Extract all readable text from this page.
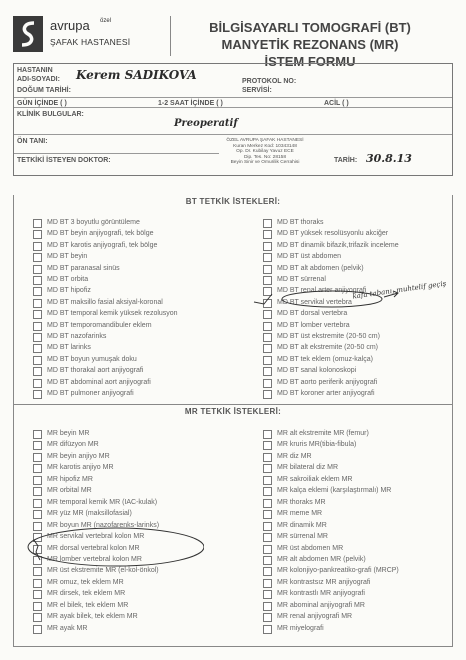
avrupa özel
ŞAFAK HASTANESİ
BİLGİSAYARLI TOMOGRAFİ (BT)
MANYETİK REZONANS (MR)
İSTEM FORMU
HASTANIN
ADI-SOYADI: Kerem SADIKOVA	PROTOKOL NO:
DOĞUM TARİHİ:	SERVİSİ:
GÜN İÇİNDE ( )	1-2 SAAT İÇİNDE ( )	ACİL ( )
KLİNİK BULGULAR:
Preoperatif
ÖN TANI:
TETKİKİ İSTEYEN DOKTOR:
ÖZEL AVRUPA ŞAFAK HASTANESİ
Kuran Merkez Kod: 10343148
Op. Dr. Kubilay Yavuz ECE
Dip. Tes. No: 28158
Beyin Sinir ve Omurilik Cerrahisi	TARİH: 30.8.13
BT TETKİK İSTEKLERİ:
MD BT 3 boyutlu görüntüleme
MD BT beyin anjiyografi, tek bölge
MD BT karotis anjiyografi, tek bölge
MD BT beyin
MD BT paranasal sinüs
MD BT orbita
MD BT hipofiz
MD BT maksillo fasial aksiyal-koronal
MD BT temporal kemik yüksek rezolusyon
MD BT temporomandibuler eklem
MD BT nazofarinks
MD BT larinks
MD BT boyun yumuşak doku
MD BT thorakal aort anjiyografi
MD BT abdominal aort anjiyografi
MD BT pulmoner anjiyografi
MD BT thoraks
MD BT yüksek resolüsyonlu akciğer
MD BT dinamik bifazik,trifazik inceleme
MD BT üst abdomen
MD BT alt abdomen (pelvik)
MD BT sürrenal
MD BT renal arter anjiyografi
MD BT servikal vertebra
MD BT dorsal vertebra
MD BT lomber vertebra
MD BT üst ekstremite (20-50 cm)
MD BT alt ekstremite (20-50 cm)
MD BT tek eklem (omuz-kalça)
MD BT sanal kolonoskopi
MD BT aorto periferik anjiyografi
MD BT koroner arter anjiyografi
kafa tabanı, muhtelif geçiş
MR TETKİK İSTEKLERİ:
MR beyin MR
MR difüzyon MR
MR beyin anjiyo MR
MR karotis anjiyo MR
MR hipofiz MR
MR orbital MR
MR temporal kemik MR (IAC-kulak)
MR yüz MR (maksillofasial)
MR boyun MR (nazofarenks-larinks)
MR servikal vertebral kolon MR
MR dorsal vertebral kolon MR
MR lomber vertebral kolon MR
MR üst ekstremite MR (el-kol-önkol)
MR omuz, tek eklem MR
MR dirsek, tek eklem MR
MR el bilek, tek eklem MR
MR ayak bilek, tek eklem MR
MR ayak MR
MR alt ekstremite MR (femur)
MR kruris MR(tibia-fibula)
MR diz MR
MR bilateral diz MR
MR sakroiliak eklem MR
MR kalça eklemi (karşılaştırmalı) MR
MR thoraks MR
MR meme MR
MR dinamik MR
MR sürrenal MR
MR üst abdomen MR
MR alt abdomen MR (pelvik)
MR kolonjiyo-pankreatiko-grafi (MRCP)
MR kontrastsız MR anjiyografi
MR kontrastlı MR anjiyografi
MR abominal anjiyografi MR
MR renal anjiyografi MR
MR miyelografi
